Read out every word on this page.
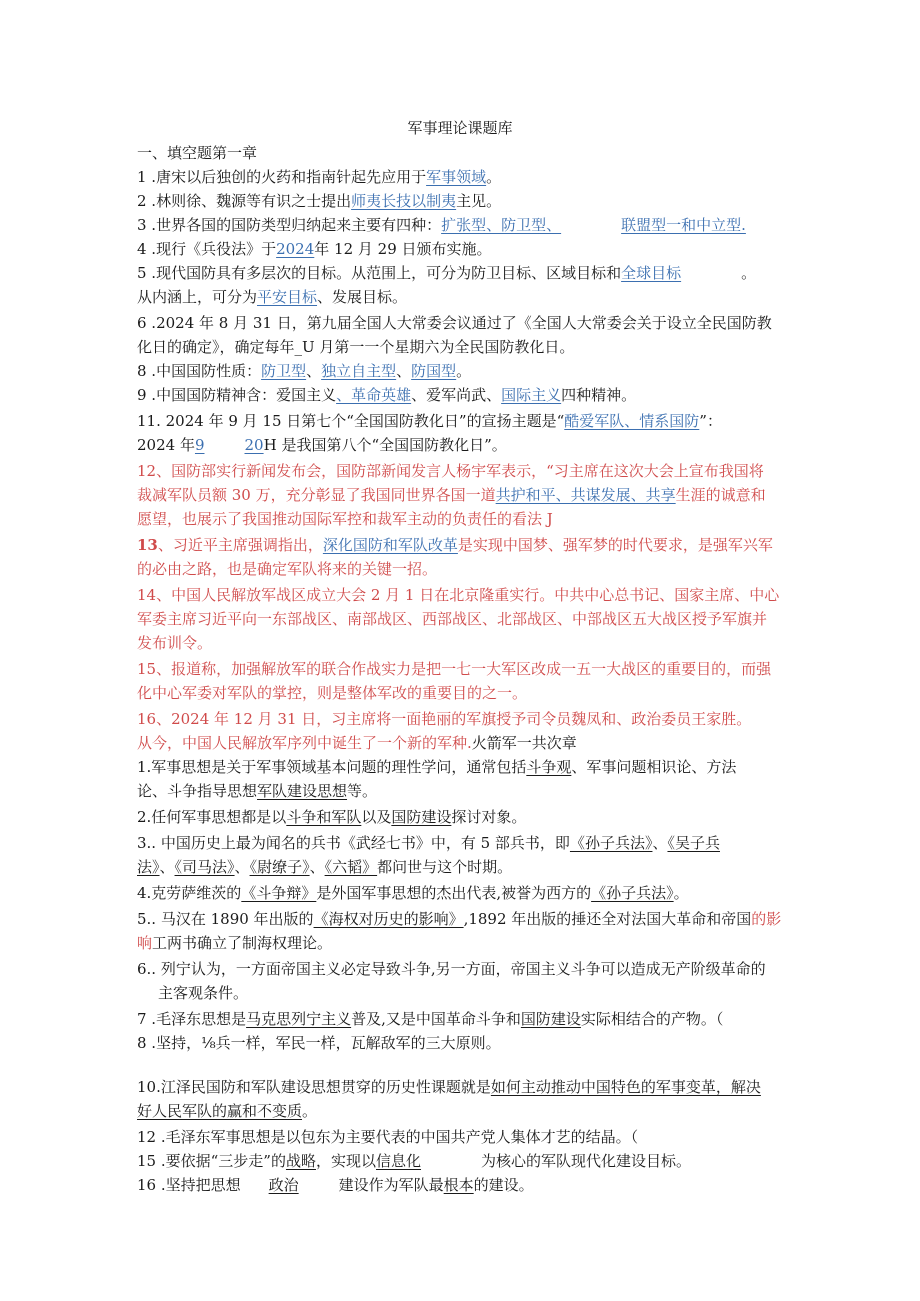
军事理论课题库
一、填空题第一章
1 .唐宋以后独创的火药和指南针起先应用于军事领域。
2 .林则徐、魏源等有识之士提出师夷长技以制夷主见。
3 .世界各国的国防类型归纳起来主要有四种：扩张型、防卫型、	联盟型一和中立型.
4 .现行《兵役法》于2024年 12 月 29 日颁布实施。
5 .现代国防具有多层次的目标。从范围上，可分为防卫目标、区域目标和全球目标	。
从内涵上，可分为平安目标、发展目标。
6 .2024 年 8 月 31 日，第九届全国人大常委会议通过了《全国人大常委会关于设立全民国防教
化日的确定》，确定每年_U 月第一一个星期六为全民国防教化日。
8 .中国国防性质：防卫型、独立自主型、防国型。
9 .中国国防精神含：爱国主义、革命英雄、爱军尚武、国际主义四种精神。
11. 2024 年 9 月 15 日第七个“全国国防教化日”的宣扬主题是“酷爱军队、情系国防”：
2024 年9	20H 是我国第八个“全国国防教化日”。
12、国防部实行新闻发布会，国防部新闻发言人杨宇军表示，“习主席在这次大会上宣布我国将
裁减军队员额 30 万，充分彰显了我国同世界各国一道共护和平、共谋发展、共享生涯的诚意和
愿望，也展示了我国推动国际军控和裁军主动的负责任的看法 J
13、习近平主席强调指出，深化国防和军队改革是实现中国梦、强军梦的时代要求，是强军兴军
的必由之路，也是确定军队将来的关键一招。
14、中国人民解放军战区成立大会 2 月 1 日在北京隆重实行。中共中心总书记、国家主席、中心
军委主席习近平向一东部战区、南部战区、西部战区、北部战区、中部战区五大战区授予军旗并
发布训令。
15、报道称，加强解放军的联合作战实力是把一七一大军区改成一五一大战区的重要目的，而强
化中心军委对军队的掌控，则是整体军改的重要目的之一。
16、2024 年 12 月 31 日，习主席将一面艳丽的军旗授予司令员魏凤和、政治委员王家胜。
从今，中国人民解放军序列中诞生了一个新的军种.火箭军一共次章
1.军事思想是关于军事领域基本问题的理性学问，通常包括斗争观、军事问题相识论、方法
论、斗争指导思想军队建设思想等。
2.任何军事思想都是以斗争和军队以及国防建设探讨对象。
3.. 中国历史上最为闻名的兵书《武经七书》中，有 5 部兵书，即《孙子兵法》、《吴子兵
法》、《司马法》、《尉缭子》、《六韬》都问世与这个时期。
4.克劳萨维茨的《斗争辩》是外国军事思想的杰出代表,被誉为西方的《孙子兵法》。
5.. 马汉在 1890 年出版的《海权对历史的影响》,1892 年出版的捶还全对法国大革命和帝国的影
响工两书确立了制海权理论。
6.. 列宁认为，一方面帝国主义必定导致斗争,另一方面，帝国主义斗争可以造成无产阶级革命的
主客观条件。
7 .毛泽东思想是马克思列宁主义普及,又是中国革命斗争和国防建设实际相结合的产物。（
8 .坚持，⅛兵一样，军民一样，瓦解敌军的三大原则。
10.江泽民国防和军队建设思想贯穿的历史性课题就是如何主动推动中国特色的军事变革，解决
好人民军队的赢和不变质。
12 .毛泽东军事思想是以包东为主要代表的中国共产党人集体才艺的结晶。（
15 .要依据“三步走”的战略，实现以信息化	为核心的军队现代化建设目标。
16 .坚持把思想 政治	建设作为军队最根本的建设。
